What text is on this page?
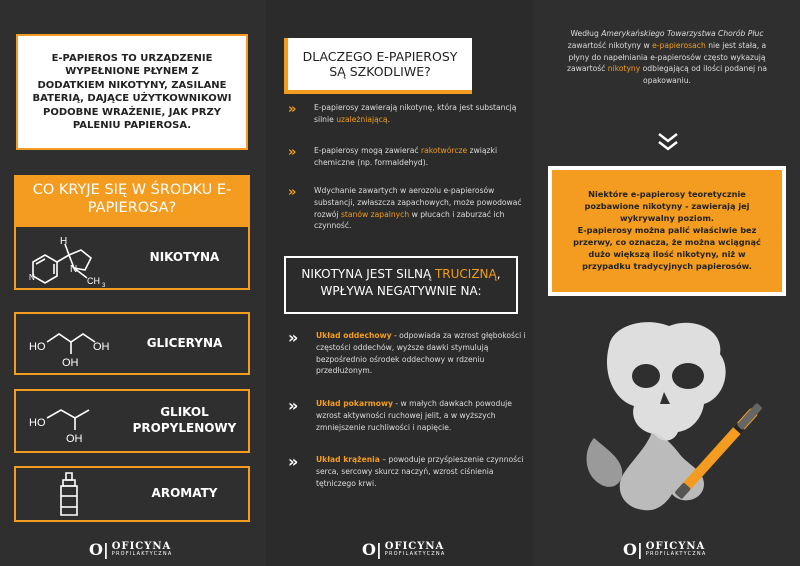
E-PAPIEROS TO URZĄDZENIE WYPEŁNIONE PŁYNEM Z DODATKIEM NIKOTYNY, ZASILANE BATERIĄ, DAJĄCE UŻYTKOWNIKOWI PODOBNE WRAŻENIE, JAK PRZY PALENIU PAPIEROSA.
CO KRYJE SIĘ W ŚRODKU E-PAPIEROSA?
H
N
N
CH 3
NIKOTYNA
HO	OH
OH
GLICERYNA
HO
OH
GLIKOL PROPYLENOWY
AROMATY
O| OFICYNA
PROFILAKTYCZNA
DLACZEGO E-PAPIEROSY SĄ SZKODLIWE?
»	E-papierosy zawierają nikotynę, która jest substancją silnie uzależniającą.
»	E-papierosy mogą zawierać rakotwórcze związki chemiczne (np. formaldehyd).
»	Wdychanie zawartych w aerozolu e-papierosów substancji, zwłaszcza zapachowych, może powodować rozwój stanów zapalnych w płucach i zaburzać ich czynność.
NIKOTYNA JEST SILNĄ TRUCIZNĄ, WPŁYWA NEGATYWNIE NA:
»	Układ oddechowy - odpowiada za wzrost głębokości i częstości oddechów, wyższe dawki stymulują bezpośrednio ośrodek oddechowy w rdzeniu przedłużonym.
»	Układ pokarmowy - w małych dawkach powoduje wzrost aktywności ruchowej jelit, a w wyższych zmniejszenie ruchliwości i napięcie.
»	Układ krążenia – powoduje przyśpieszenie czynności serca, sercowy skurcz naczyń, wzrost ciśnienia tętniczego krwi.
O| OFICYNA
PROFILAKTYCZNA
Według Amerykańskiego Towarzystwa Chorób Płuc zawartość nikotyny w e-papierosach nie jest stała, a płyny do napełniania e-papierosów często wykazują zawartość nikotyny odbiegającą od ilości podanej na opakowaniu.
Niektóre e-papierosy teoretycznie pozbawione nikotyny - zawierają jej wykrywalny poziom.
E-papierosy można palić właściwie bez przerwy, co oznacza, że można wciągnąć dużo większą ilość nikotyny, niż w przypadku tradycyjnych papierosów.
O| OFICYNA
PROFILAKTYCZNA
